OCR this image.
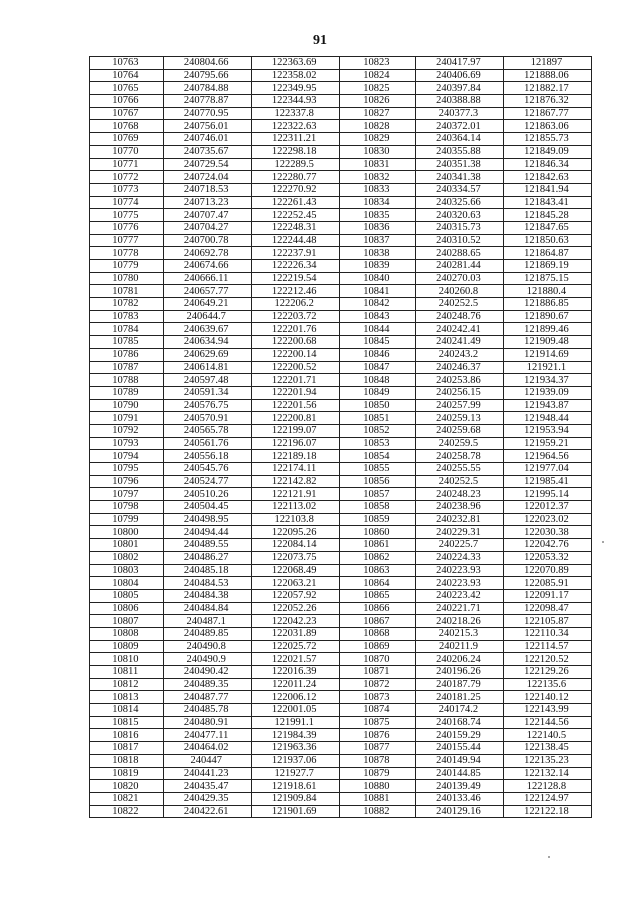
91
10763	240804.66	122363.69	10823	240417.97	121897
10764	240795.66	122358.02	10824	240406.69	121888.06
10765	240784.88	122349.95	10825	240397.84	121882.17
10766	240778.87	122344.93	10826	240388.88	121876.32
10767	240770.95	122337.8	10827	240377.3	121867.77
10768	240756.01	122322.63	10828	240372.01	121863.06
10769	240746.01	122311.21	10829	240364.14	121855.73
10770	240735.67	122298.18	10830	240355.88	121849.09
10771	240729.54	122289.5	10831	240351.38	121846.34
10772	240724.04	122280.77	10832	240341.38	121842.63
10773	240718.53	122270.92	10833	240334.57	121841.94
10774	240713.23	122261.43	10834	240325.66	121843.41
10775	240707.47	122252.45	10835	240320.63	121845.28
10776	240704.27	122248.31	10836	240315.73	121847.65
10777	240700.78	122244.48	10837	240310.52	121850.63
10778	240692.78	122237.91	10838	240288.65	121864.87
10779	240674.66	122226.34	10839	240281.44	121869.19
10780	240666.11	122219.54	10840	240270.03	121875.15
10781	240657.77	122212.46	10841	240260.8	121880.4
10782	240649.21	122206.2	10842	240252.5	121886.85
10783	240644.7	122203.72	10843	240248.76	121890.67
10784	240639.67	122201.76	10844	240242.41	121899.46
10785	240634.94	122200.68	10845	240241.49	121909.48
10786	240629.69	122200.14	10846	240243.2	121914.69
10787	240614.81	122200.52	10847	240246.37	121921.1
10788	240597.48	122201.71	10848	240253.86	121934.37
10789	240591.34	122201.94	10849	240256.15	121939.09
10790	240576.75	122201.56	10850	240257.99	121943.87
10791	240570.91	122200.81	10851	240259.13	121948.44
10792	240565.78	122199.07	10852	240259.68	121953.94
10793	240561.76	122196.07	10853	240259.5	121959.21
10794	240556.18	122189.18	10854	240258.78	121964.56
10795	240545.76	122174.11	10855	240255.55	121977.04
10796	240524.77	122142.82	10856	240252.5	121985.41
10797	240510.26	122121.91	10857	240248.23	121995.14
10798	240504.45	122113.02	10858	240238.96	122012.37
10799	240498.95	122103.8	10859	240232.81	122023.02
10800	240494.44	122095.26	10860	240229.31	122030.38
10801	240489.55	122084.14	10861	240225.7	122042.76
10802	240486.27	122073.75	10862	240224.33	122053.32
10803	240485.18	122068.49	10863	240223.93	122070.89
10804	240484.53	122063.21	10864	240223.93	122085.91
10805	240484.38	122057.92	10865	240223.42	122091.17
10806	240484.84	122052.26	10866	240221.71	122098.47
10807	240487.1	122042.23	10867	240218.26	122105.87
10808	240489.85	122031.89	10868	240215.3	122110.34
10809	240490.8	122025.72	10869	240211.9	122114.57
10810	240490.9	122021.57	10870	240206.24	122120.52
10811	240490.42	122016.39	10871	240196.26	122129.26
10812	240489.35	122011.24	10872	240187.79	122135.6
10813	240487.77	122006.12	10873	240181.25	122140.12
10814	240485.78	122001.05	10874	240174.2	122143.99
10815	240480.91	121991.1	10875	240168.74	122144.56
10816	240477.11	121984.39	10876	240159.29	122140.5
10817	240464.02	121963.36	10877	240155.44	122138.45
10818	240447	121937.06	10878	240149.94	122135.23
10819	240441.23	121927.7	10879	240144.85	122132.14
10820	240435.47	121918.61	10880	240139.49	122128.8
10821	240429.35	121909.84	10881	240133.46	122124.97
10822	240422.61	121901.69	10882	240129.16	122122.18
